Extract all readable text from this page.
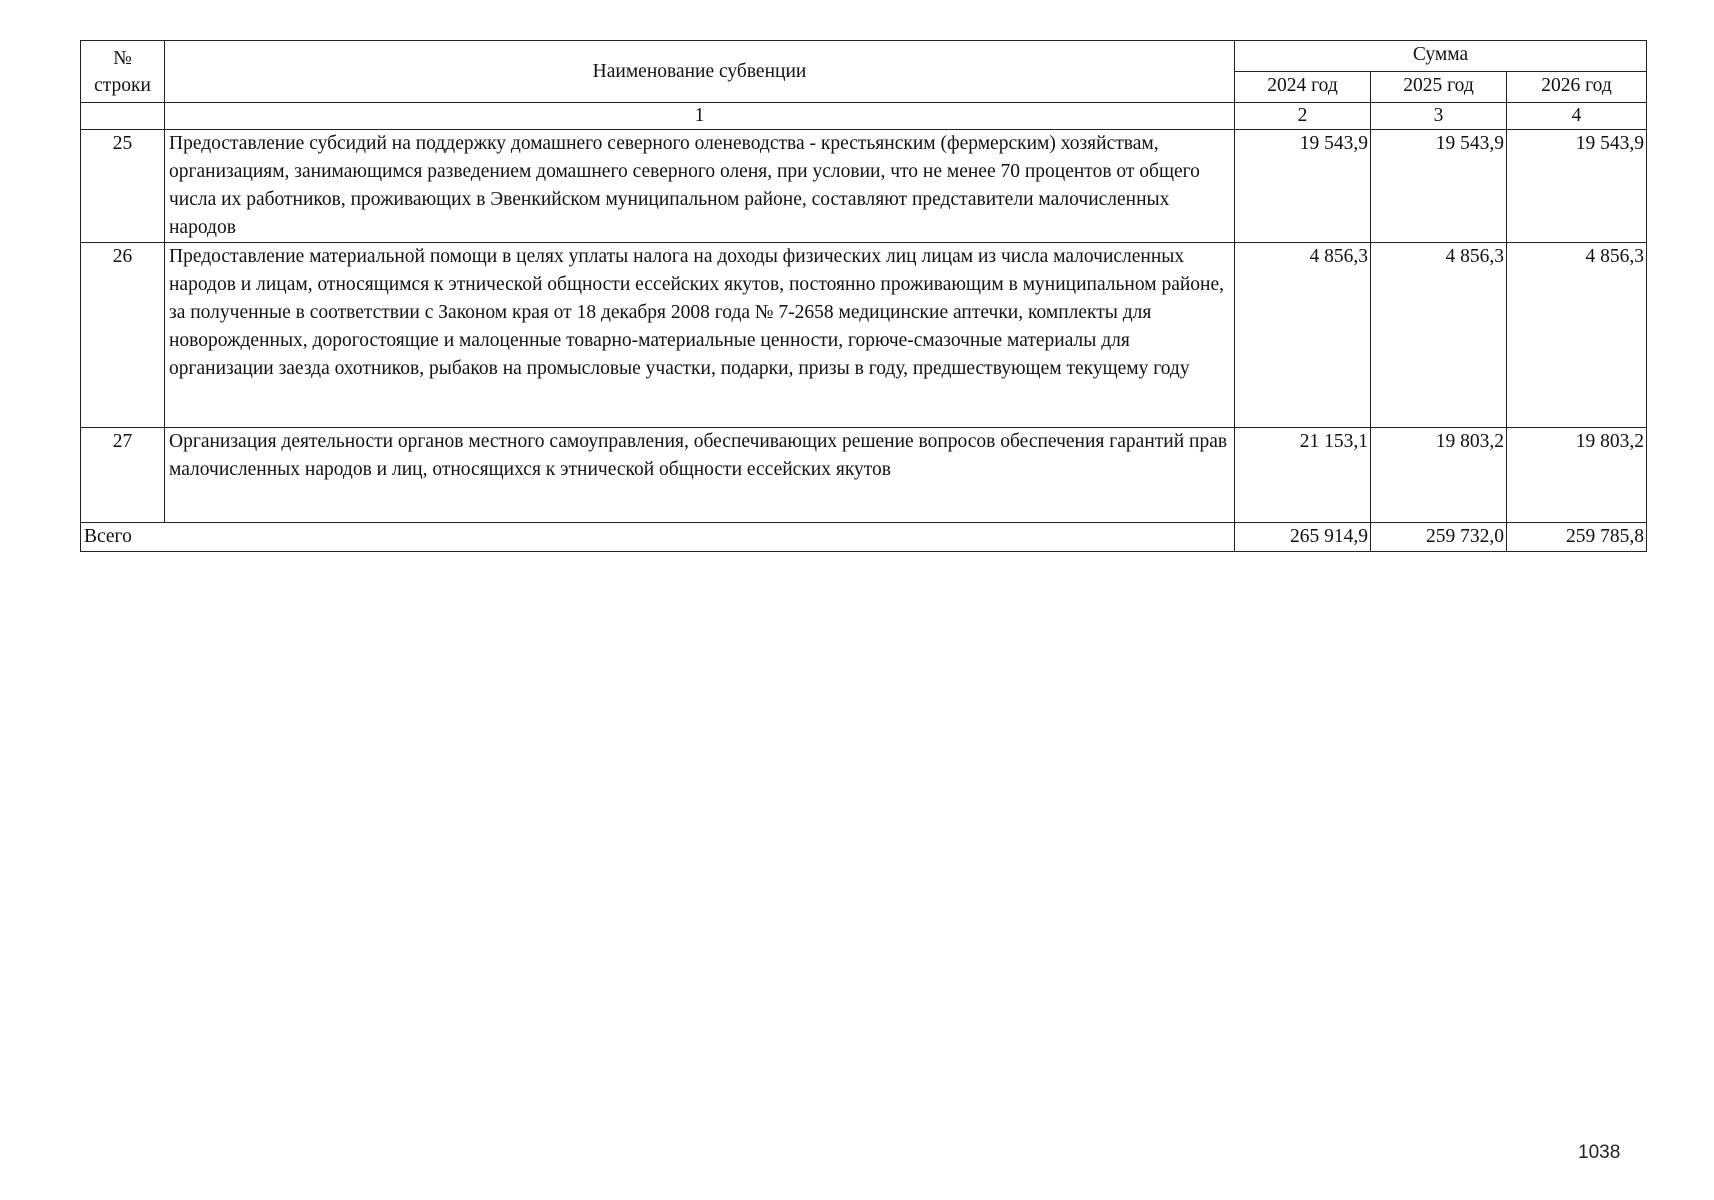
№ строки	Наименование субвенции	Сумма		
		2024 год	2025 год	2026 год
	1	2	3	4
25	Предоставление субсидий на поддержку домашнего северного оленеводства - крестьянским (фермерским) хозяйствам, организациям, занимающимся разведением домашнего северного оленя, при условии, что не менее 70 процентов от общего числа их работников, проживающих в Эвенкийском муниципальном районе, составляют представители малочисленных народов	19 543,9	19 543,9	19 543,9
26	Предоставление материальной помощи в целях уплаты налога на доходы физических лиц лицам из числа малочисленных народов и лицам, относящимся к этнической общности ессейских якутов, постоянно проживающим в муниципальном районе, за полученные в соответствии с Законом края от 18 декабря 2008 года № 7-2658 медицинские аптечки, комплекты для новорожденных, дорогостоящие и малоценные товарно-материальные ценности, горюче-смазочные материалы для организации заезда охотников, рыбаков на промысловые участки, подарки, призы в году, предшествующем текущему году	4 856,3	4 856,3	4 856,3
27	Организация деятельности органов местного самоуправления, обеспечивающих решение вопросов обеспечения гарантий прав малочисленных народов и лиц, относящихся к этнической общности ессейских якутов	21 153,1	19 803,2	19 803,2
Всего		265 914,9	259 732,0	259 785,8
1038
